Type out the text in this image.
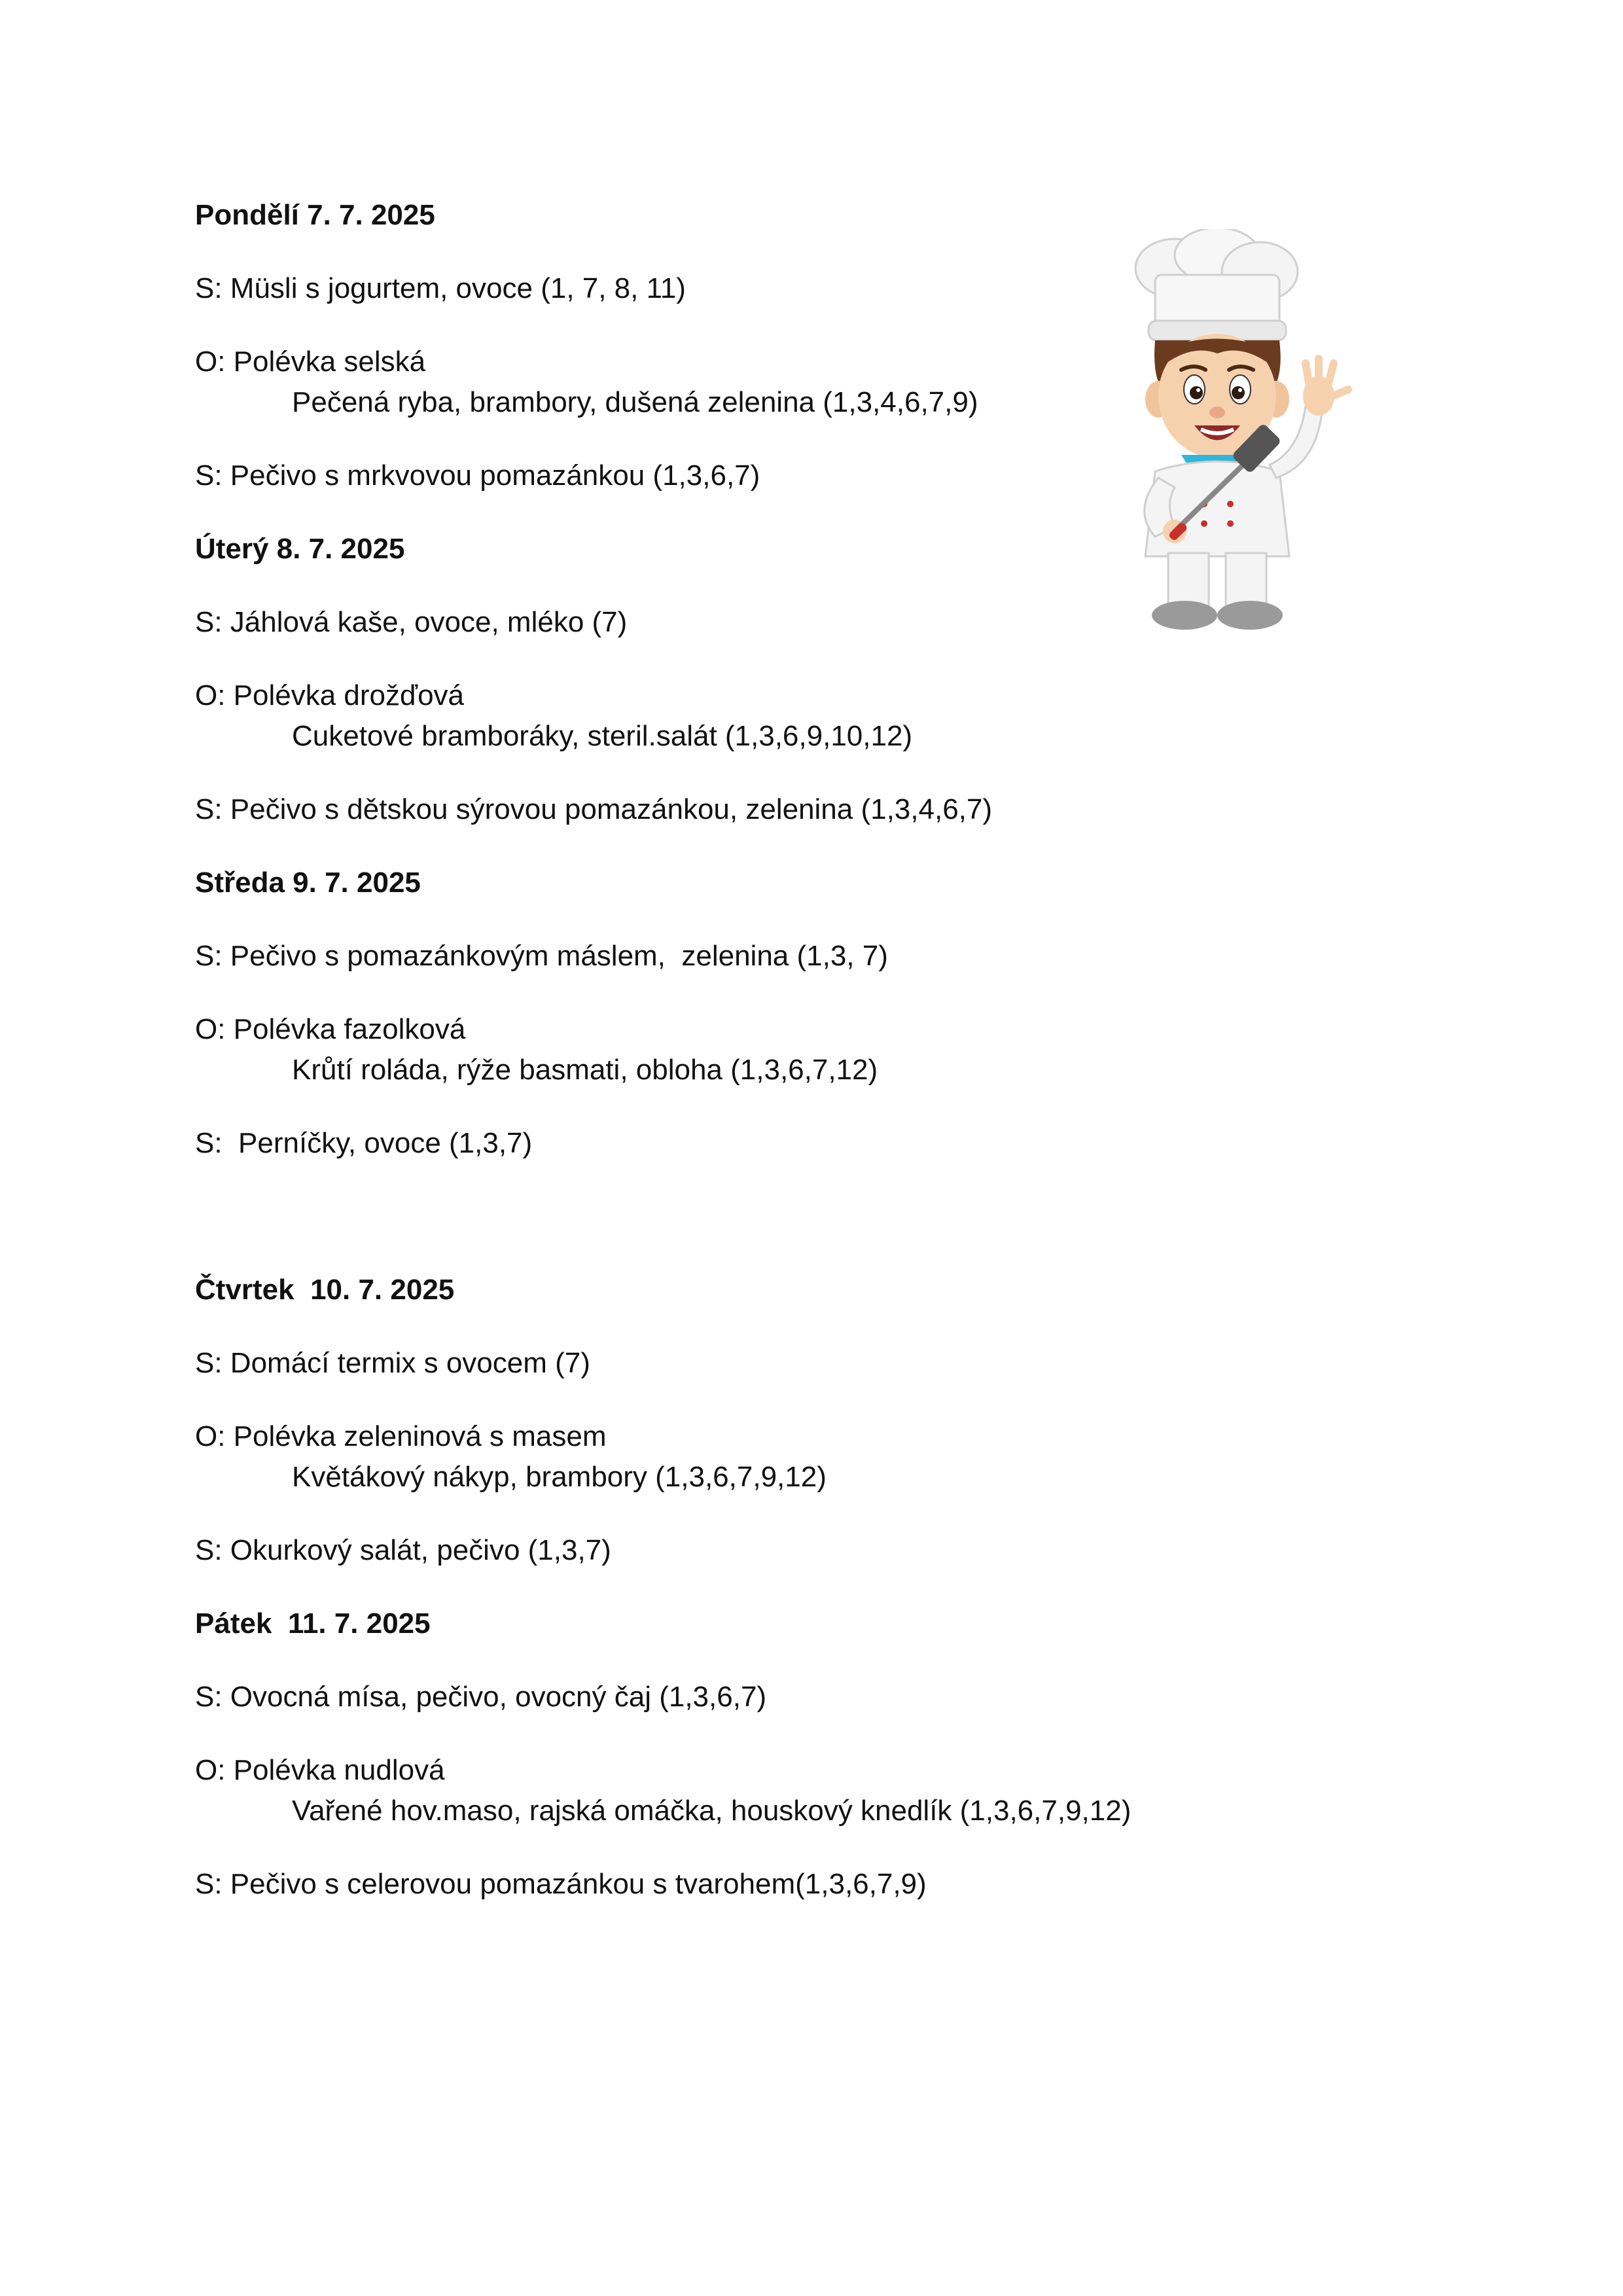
Pondělí 7. 7. 2025
S: Müsli s jogurtem, ovoce (1, 7, 8, 11)
O: Polévka selská
Pečená ryba, brambory, dušená zelenina (1,3,4,6,7,9)
S: Pečivo s mrkvovou pomazánkou (1,3,6,7)
Úterý 8. 7. 2025
S: Jáhlová kaše, ovoce, mléko (7)
O: Polévka drožďová
Cuketové bramboráky, steril.salát (1,3,6,9,10,12)
S: Pečivo s dětskou sýrovou pomazánkou, zelenina (1,3,4,6,7)
Středa 9. 7. 2025
S: Pečivo s pomazánkovým máslem,  zelenina (1,3, 7)
O: Polévka fazolková
Krůtí roláda, rýže basmati, obloha (1,3,6,7,12)
S:  Perníčky, ovoce (1,3,7)
Čtvrtek  10. 7. 2025
S: Domácí termix s ovocem (7)
O: Polévka zeleninová s masem
Květákový nákyp, brambory (1,3,6,7,9,12)
S: Okurkový salát, pečivo (1,3,7)
Pátek  11. 7. 2025
S: Ovocná mísa, pečivo, ovocný čaj (1,3,6,7)
O: Polévka nudlová
Vařené hov.maso, rajská omáčka, houskový knedlík (1,3,6,7,9,12)
S: Pečivo s celerovou pomazánkou s tvarohem(1,3,6,7,9)
